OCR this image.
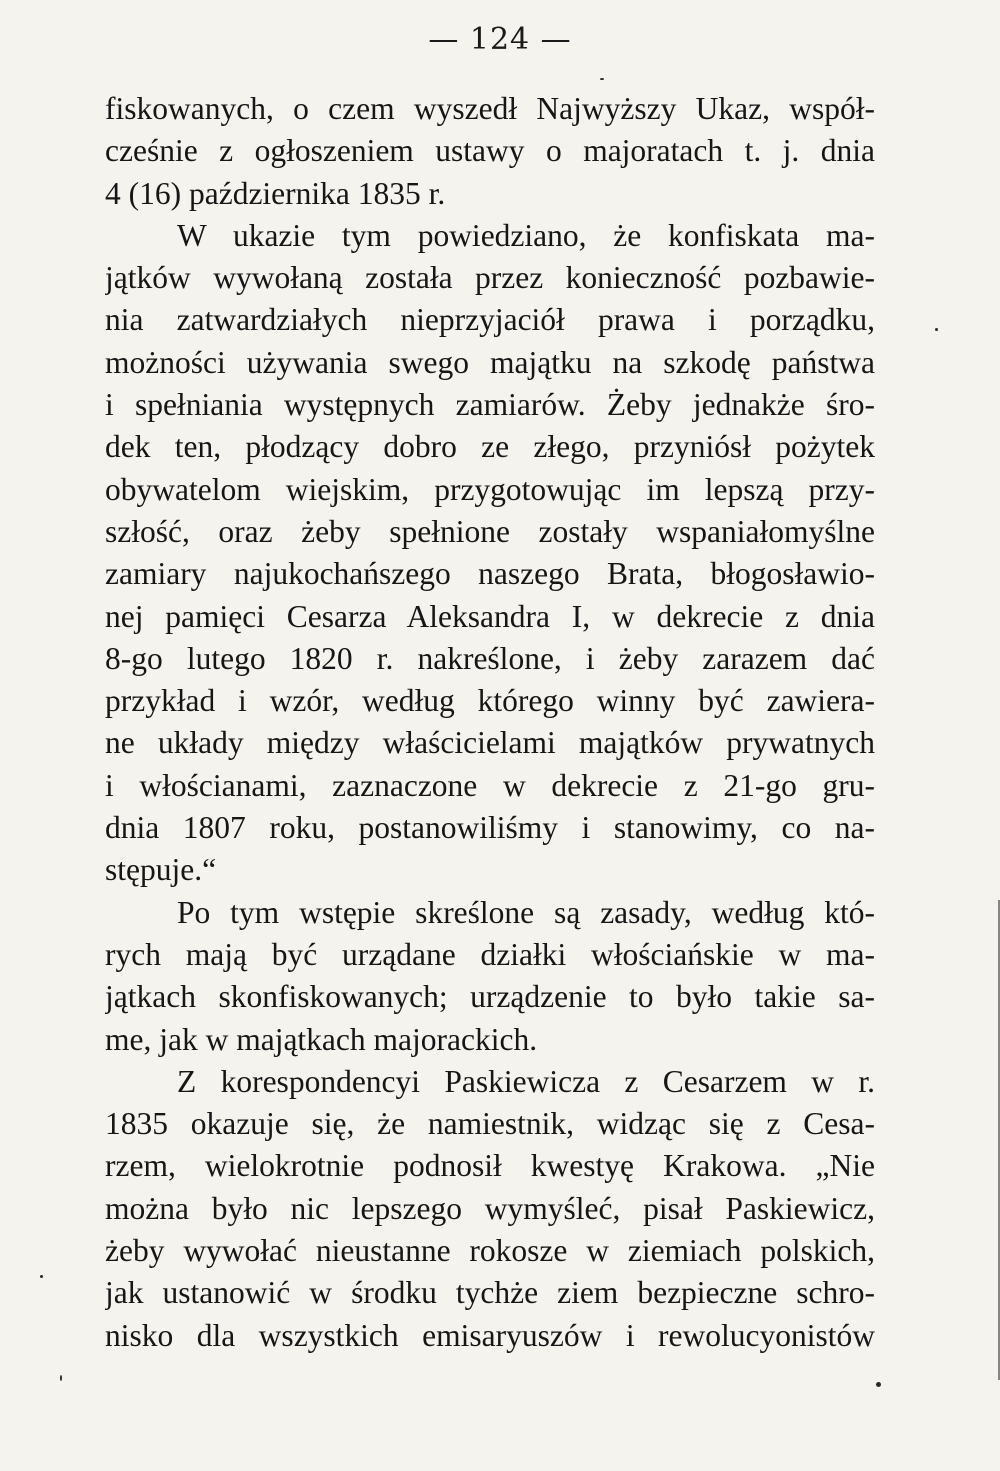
— 124 —
fiskowanych, o czem wyszedł Najwyższy Ukaz, współ-
cześnie z ogłoszeniem ustawy o majoratach t. j. dnia
4 (16) października 1835 r.
W ukazie tym powiedziano, że konfiskata ma-
jątków wywołaną została przez konieczność pozbawie-
nia zatwardziałych nieprzyjaciół prawa i porządku,
możności używania swego majątku na szkodę państwa
i spełniania występnych zamiarów. Żeby jednakże śro-
dek ten, płodzący dobro ze złego, przyniósł pożytek
obywatelom wiejskim, przygotowując im lepszą przy-
szłość, oraz żeby spełnione zostały wspaniałomyślne
zamiary najukochańszego naszego Brata, błogosławio-
nej pamięci Cesarza Aleksandra I, w dekrecie z dnia
8-go lutego 1820 r. nakreślone, i żeby zarazem dać
przykład i wzór, według którego winny być zawiera-
ne układy między właścicielami majątków prywatnych
i włościanami, zaznaczone w dekrecie z 21-go gru-
dnia 1807 roku, postanowiliśmy i stanowimy, co na-
stępuje.“
Po tym wstępie skreślone są zasady, według któ-
rych mają być urządane działki włościańskie w ma-
jątkach skonfiskowanych; urządzenie to było takie sa-
me, jak w majątkach majorackich.
Z korespondencyi Paskiewicza z Cesarzem w r.
1835 okazuje się, że namiestnik, widząc się z Cesa-
rzem, wielokrotnie podnosił kwestyę Krakowa. „Nie
można było nic lepszego wymyśleć, pisał Paskiewicz,
żeby wywołać nieustanne rokosze w ziemiach polskich,
jak ustanowić w środku tychże ziem bezpieczne schro-
nisko dla wszystkich emisaryuszów i rewolucyonistów
